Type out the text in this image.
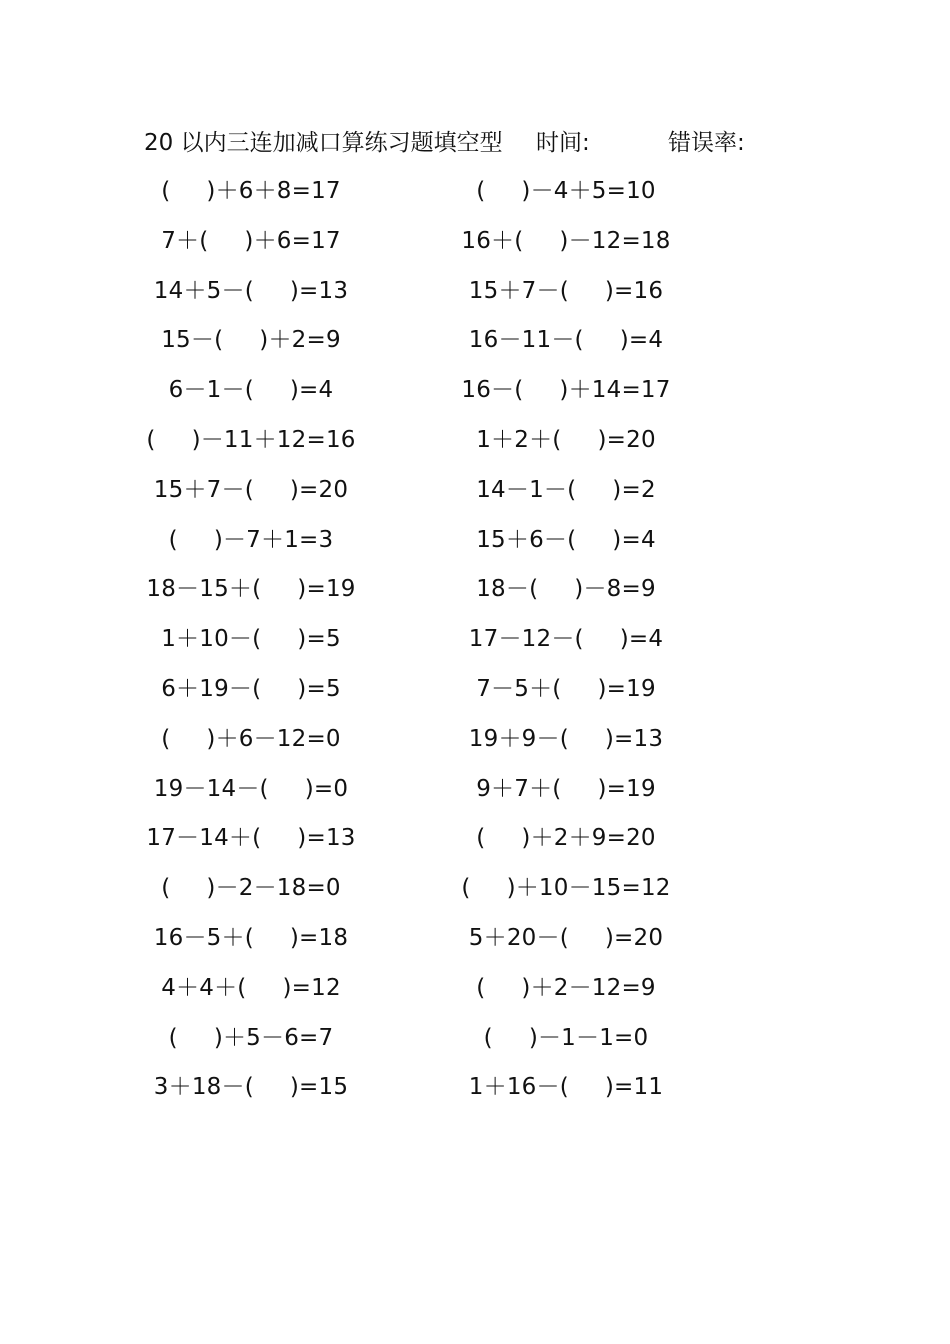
20 以内三连加减口算练习题填空型 时间:	错误率:
( )＋6＋8=17
7＋( )＋6=17
14＋5－( )=13
15－( )＋2=9
6－1－( )=4
( )－11＋12=16
15＋7－( )=20
( )－7＋1=3
18－15＋( )=19
1＋10－( )=5
6＋19－( )=5
( )＋6－12=0
19－14－( )=0
17－14＋( )=13
( )－2－18=0
16－5＋( )=18
4＋4＋( )=12
( )＋5－6=7
3＋18－( )=15
( )－4＋5=10
16＋( )－12=18
15＋7－( )=16
16－11－( )=4
16－( )＋14=17
1＋2＋( )=20
14－1－( )=2
15＋6－( )=4
18－( )－8=9
17－12－( )=4
7－5＋( )=19
19＋9－( )=13
9＋7＋( )=19
( )＋2＋9=20
( )＋10－15=12
5＋20－( )=20
( )＋2－12=9
( )－1－1=0
1＋16－( )=11
